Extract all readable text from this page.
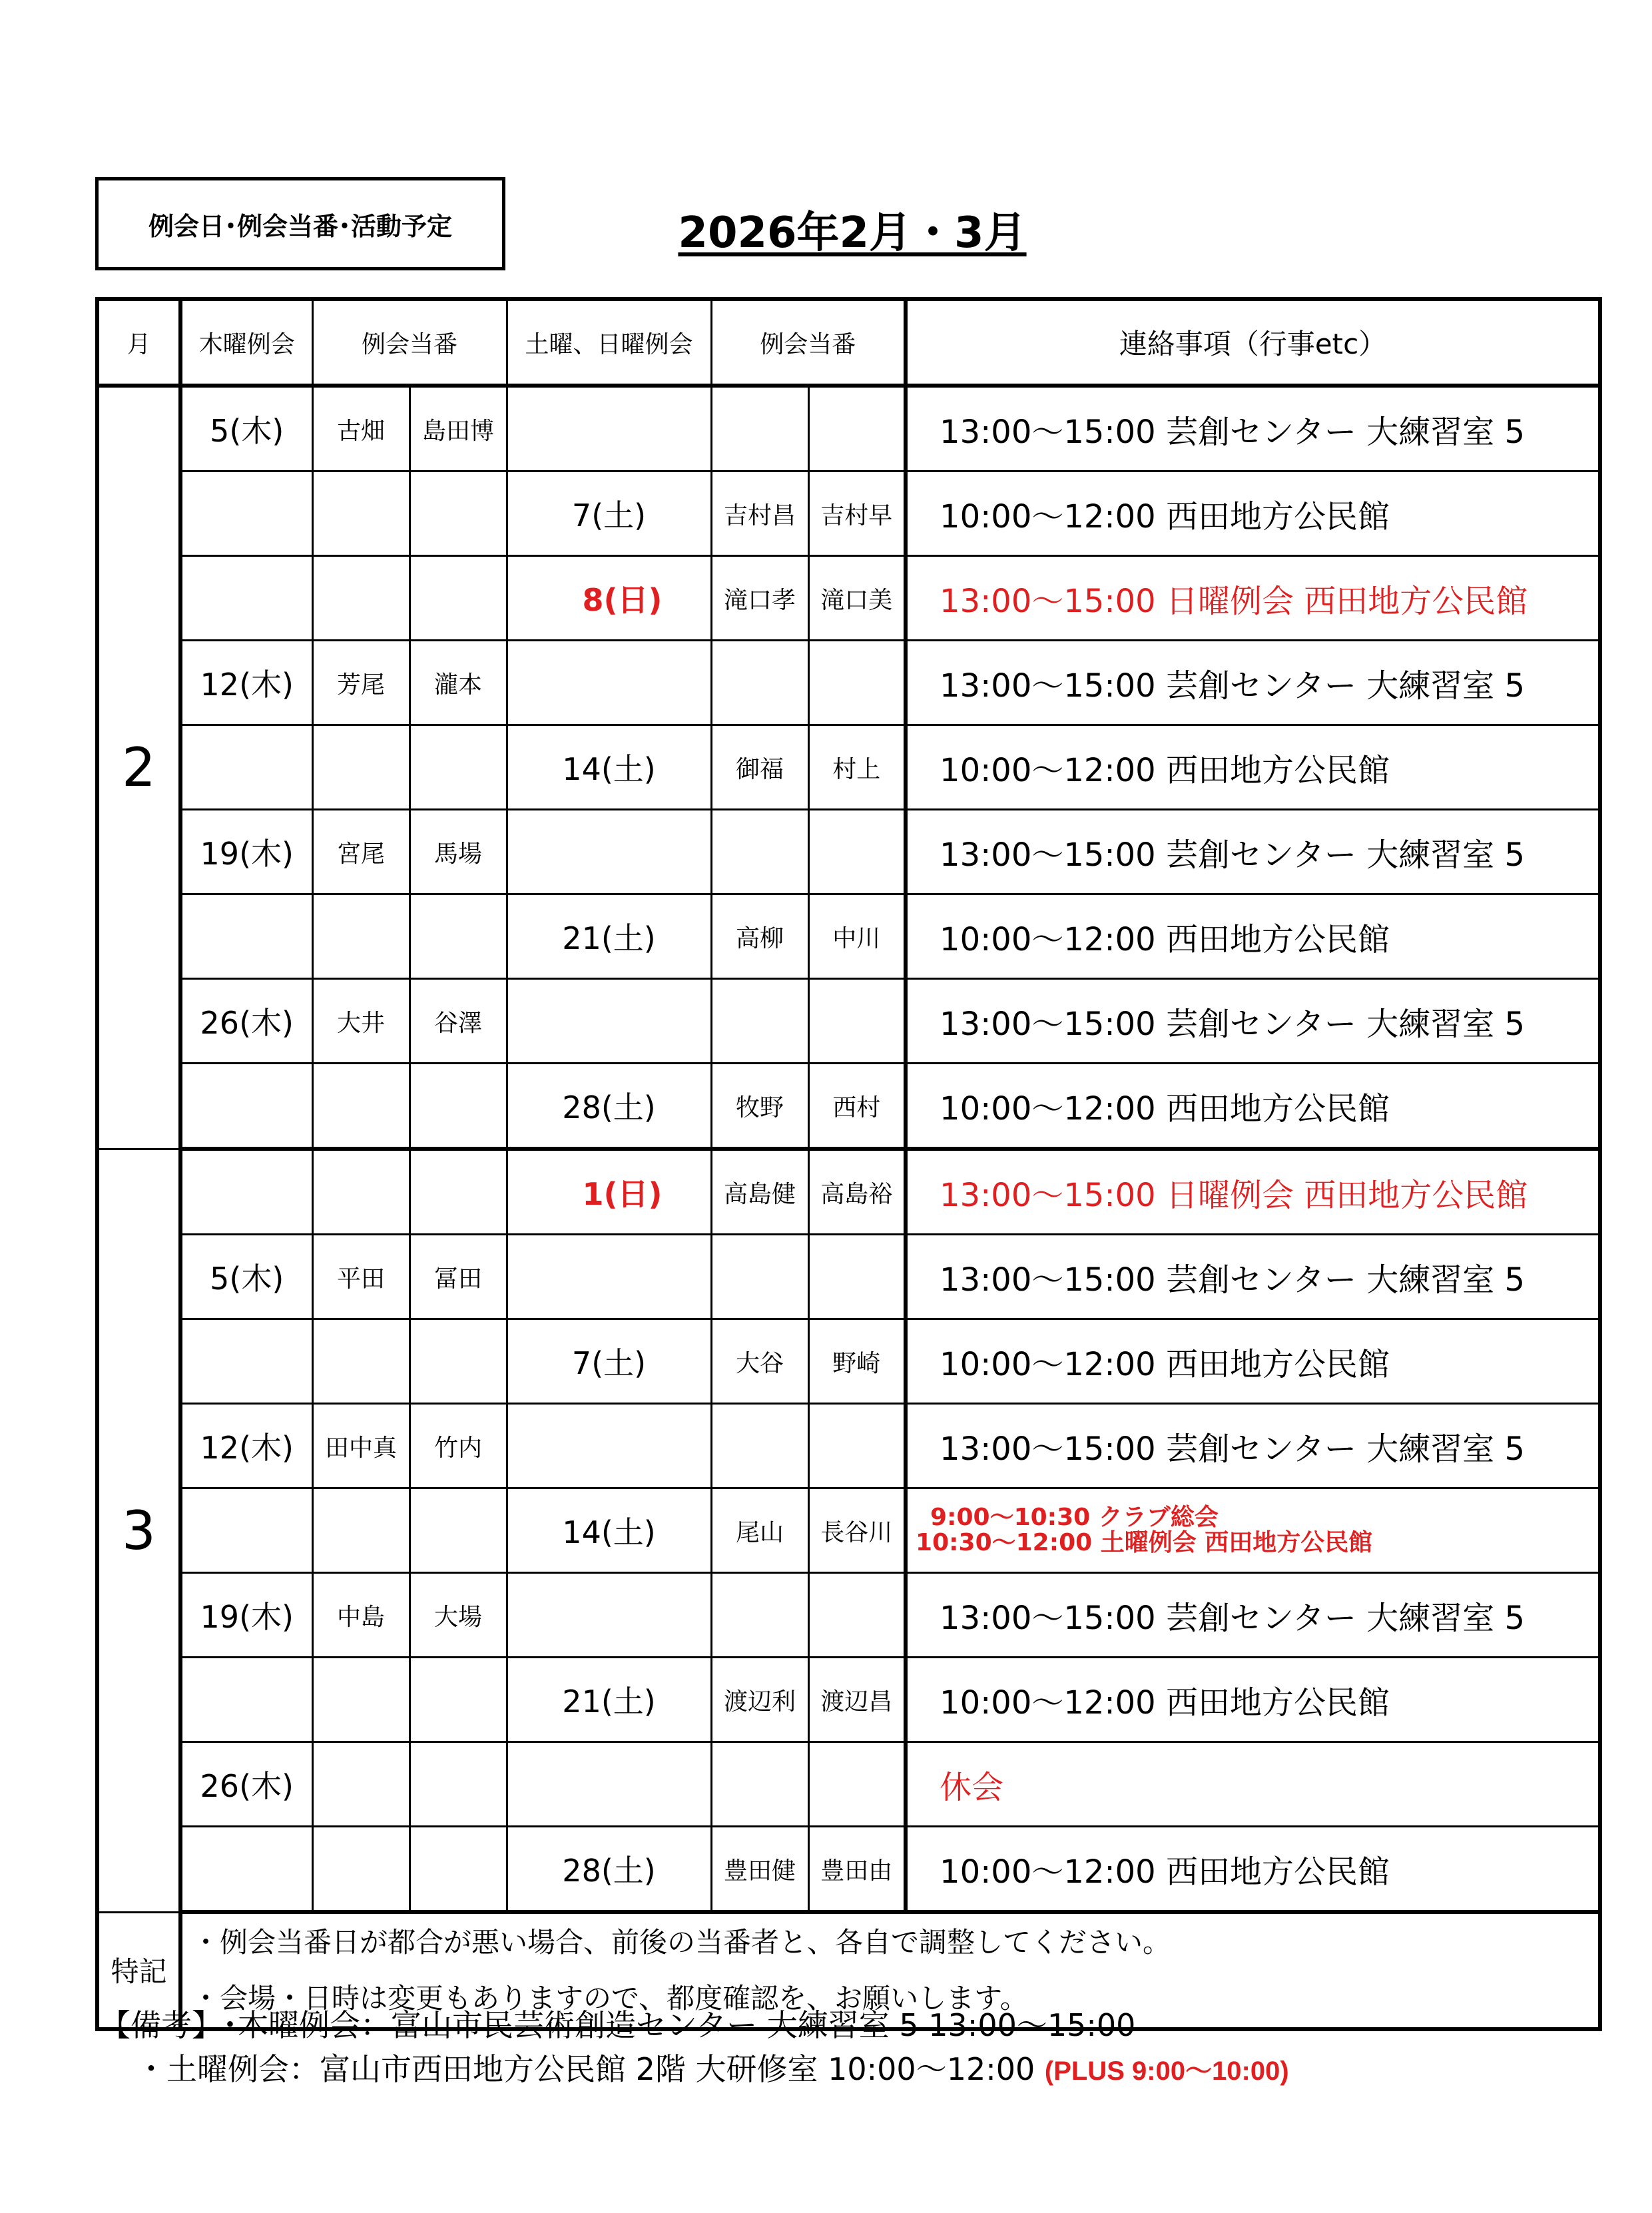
例会日･例会当番･活動予定	2026年2月・3月
月	木曜例会	例会当番		土曜、日曜例会	例会当番		連絡事項（行事etc）
2	5(木)	古畑	島田博				13:00～15:00 芸創センター 大練習室 5
				7(土)	吉村昌	吉村早	10:00～12:00 西田地方公民館
				8(日)	滝口孝	滝口美	13:00～15:00 日曜例会 西田地方公民館
	12(木)	芳尾	瀧本				13:00～15:00 芸創センター 大練習室 5
				14(土)	御福	村上	10:00～12:00 西田地方公民館
	19(木)	宮尾	馬場				13:00～15:00 芸創センター 大練習室 5
				21(土)	高柳	中川	10:00～12:00 西田地方公民館
	26(木)	大井	谷澤				13:00～15:00 芸創センター 大練習室 5
				28(土)	牧野	西村	10:00～12:00 西田地方公民館
3				1(日)	高島健	高島裕	13:00～15:00 日曜例会 西田地方公民館
	5(木)	平田	冨田				13:00～15:00 芸創センター 大練習室 5
				7(土)	大谷	野崎	10:00～12:00 西田地方公民館
	12(木)	田中真	竹内				13:00～15:00 芸創センター 大練習室 5
				14(土)	尾山	長谷川	9:00～10:30 クラブ総会
10:30～12:00 土曜例会 西田地方公民館

	19(木)	中島	大場				13:00～15:00 芸創センター 大練習室 5
				21(土)	渡辺利	渡辺昌	10:00～12:00 西田地方公民館
	26(木)						休会
				28(土)	豊田健	豊田由	10:00～12:00 西田地方公民館
特記	・例会当番日が都合が悪い場合、前後の当番者と、各自で調整してください。
・会場・日時は変更もありますので、都度確認を、お願いします。						
【備考】･木曜例会：富山市民芸術創造センター 大練習室 5 13:00～15:00
・土曜例会：富山市西田地方公民館 2階 大研修室 10:00～12:00 (PLUS 9:00～10:00)
